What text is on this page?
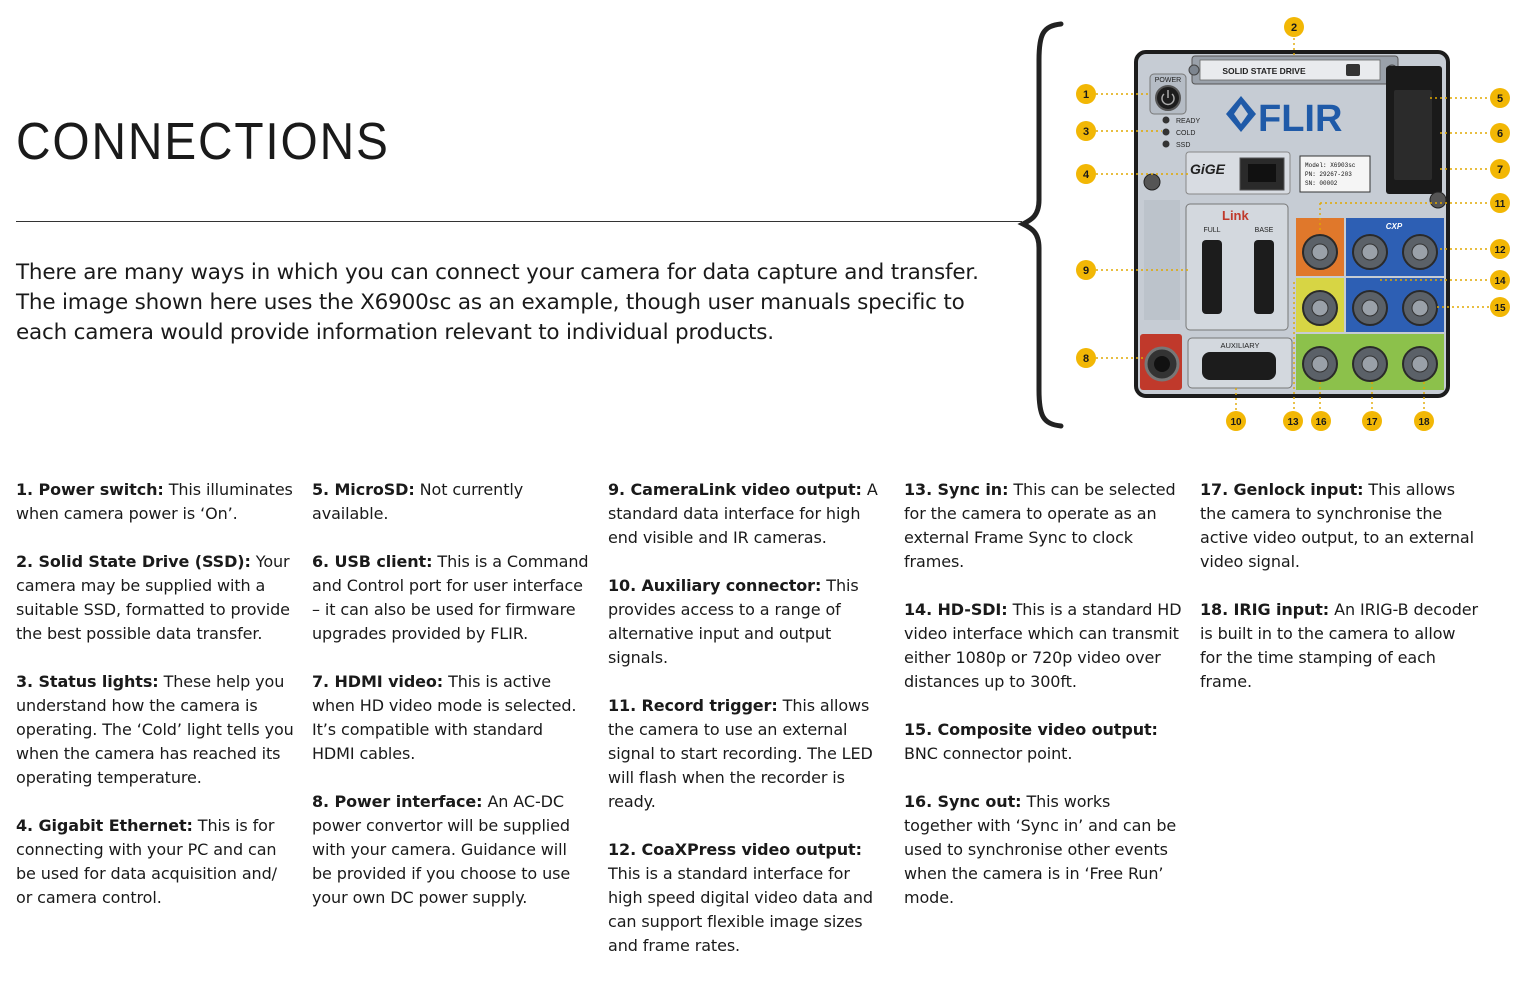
CONNECTIONS

There are many ways in which you can connect your camera for data capture and transfer. The image shown here uses the X6900sc as an example, though user manuals specific to each camera would provide information relevant to individual products.

SOLID STATE DRIVE
POWER
READY
COLD
SSD
FLIR
GiGE	Model: X6903sc
PN: 29267-203
SN: 00002
Link
FULL	BASE
AUXILIARY
CXP
1
2
3
4
5
6
7
8
9
10
11
12
13
14
15
16	17	18

1. Power switch: This illuminates when camera power is ‘On’.

2. Solid State Drive (SSD): Your camera may be supplied with a suitable SSD, formatted to provide the best possible data transfer.

3. Status lights: These help you understand how the camera is operating. The ‘Cold’ light tells you when the camera has reached its operating temperature.

4. Gigabit Ethernet: This is for connecting with your PC and can be used for data acquisition and/ or camera control.

5. MicroSD: Not currently available.

6. USB client: This is a Command and Control port for user interface – it can also be used for firmware upgrades provided by FLIR.

7. HDMI video: This is active when HD video mode is selected. It’s compatible with standard HDMI cables.

8. Power interface: An AC-DC power convertor will be supplied with your camera. Guidance will be provided if you choose to use your own DC power supply.

9. CameraLink video output: A standard data interface for high end visible and IR cameras.

10. Auxiliary connector: This provides access to a range of alternative input and output signals.

11. Record trigger: This allows the camera to use an external signal to start recording. The LED will flash when the recorder is ready.

12. CoaXPress video output: This is a standard interface for high speed digital video data and can support flexible image sizes and frame rates.

13. Sync in: This can be selected for the camera to operate as an external Frame Sync to clock frames.

14. HD-SDI: This is a standard HD video interface which can transmit either 1080p or 720p video over distances up to 300ft.

15. Composite video output: BNC connector point.

16. Sync out: This works together with ‘Sync in’ and can be used to synchronise other events when the camera is in ‘Free Run’ mode.

17. Genlock input: This allows the camera to synchronise the active video output, to an external video signal.

18. IRIG input: An IRIG-B decoder is built in to the camera to allow for the time stamping of each frame.
